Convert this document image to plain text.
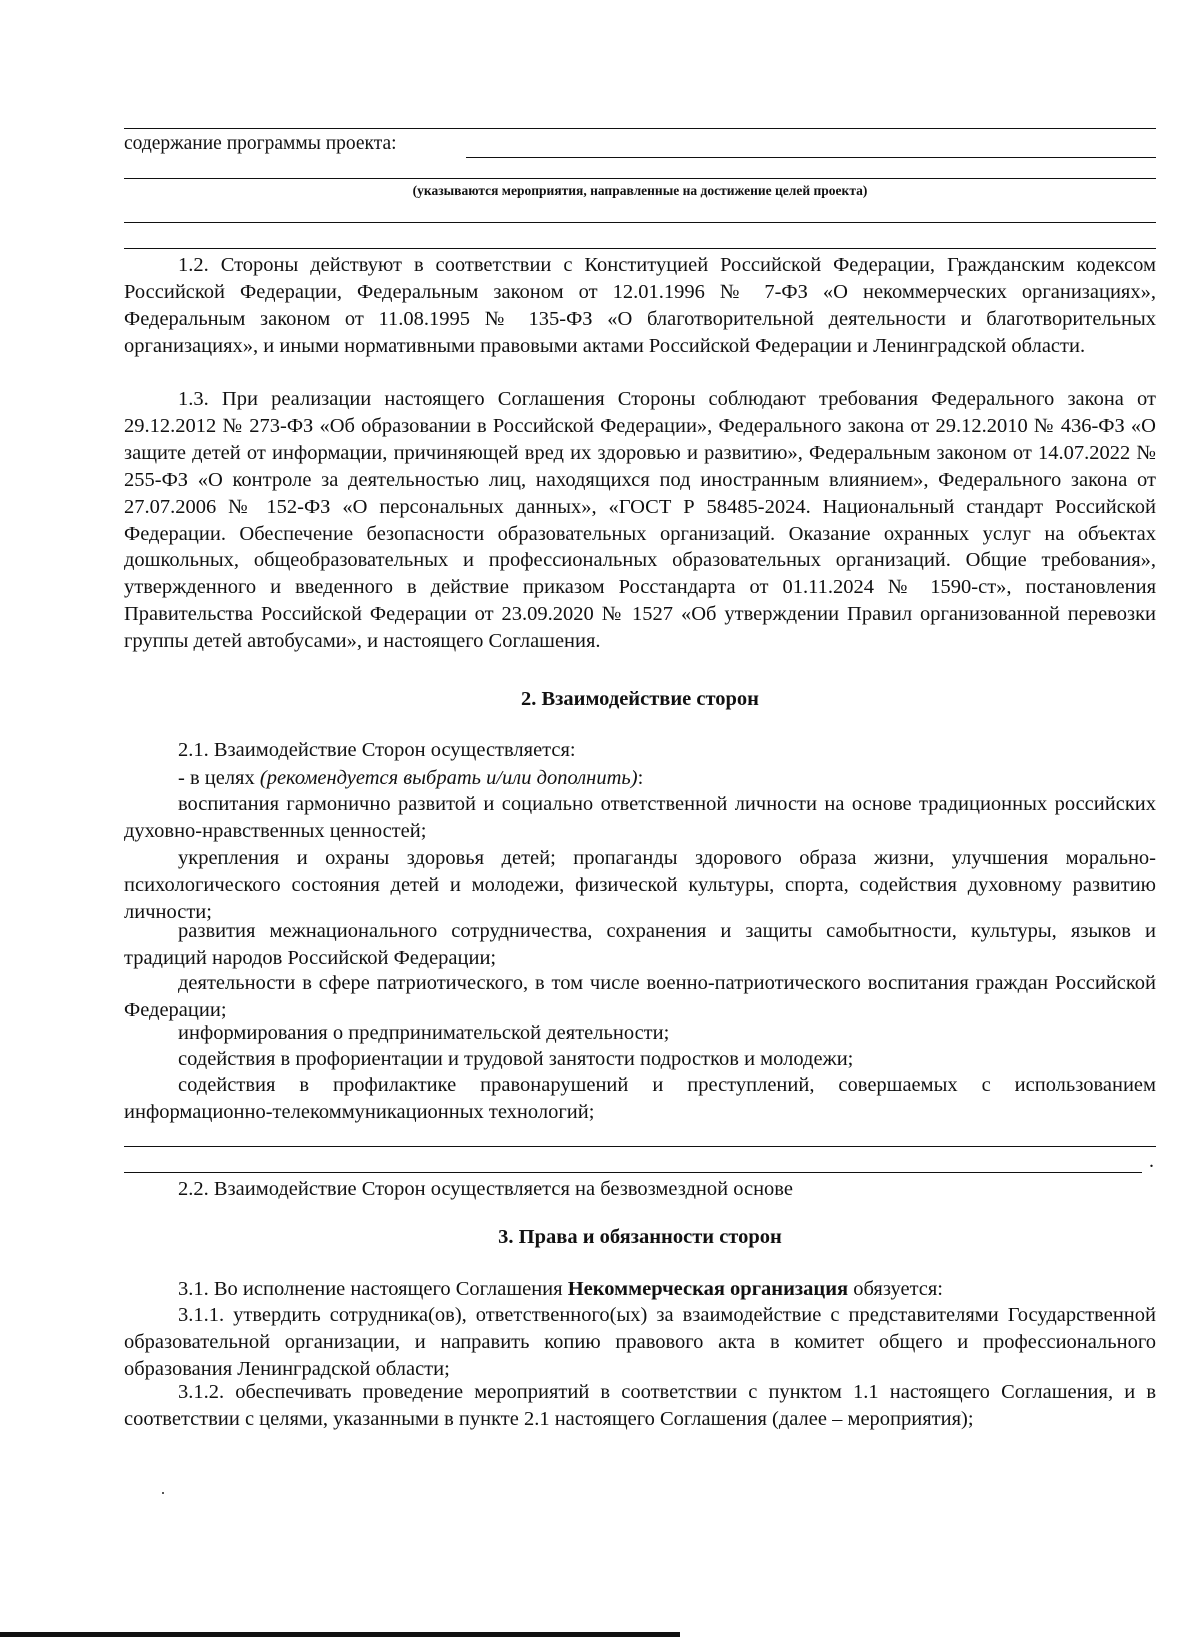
содержание программы проекта:
(указываются мероприятия, направленные на достижение целей проекта)
1.2. Стороны действуют в соответствии с Конституцией Российской Федерации, Гражданским кодексом Российской Федерации, Федеральным законом от 12.01.1996 № 7-ФЗ «О некоммерческих организациях», Федеральным законом от 11.08.1995 № 135-ФЗ «О благотворительной деятельности и благотворительных организациях», и иными нормативными правовыми актами Российской Федерации и Ленинградской области.
1.3. При реализации настоящего Соглашения Стороны соблюдают требования Федерального закона от 29.12.2012 № 273-ФЗ «Об образовании в Российской Федерации», Федерального закона от 29.12.2010 № 436-ФЗ «О защите детей от информации, причиняющей вред их здоровью и развитию», Федеральным законом от 14.07.2022 № 255-ФЗ «О контроле за деятельностью лиц, находящихся под иностранным влиянием», Федерального закона от 27.07.2006 № 152-ФЗ «О персональных данных», «ГОСТ Р 58485-2024. Национальный стандарт Российской Федерации. Обеспечение безопасности образовательных организаций. Оказание охранных услуг на объектах дошкольных, общеобразовательных и профессиональных образовательных организаций. Общие требования», утвержденного и введенного в действие приказом Росстандарта от 01.11.2024 № 1590-ст», постановления Правительства Российской Федерации от 23.09.2020 № 1527 «Об утверждении Правил организованной перевозки группы детей автобусами», и настоящего Соглашения.
2. Взаимодействие сторон
2.1. Взаимодействие Сторон осуществляется:
- в целях (рекомендуется выбрать и/или дополнить):
воспитания гармонично развитой и социально ответственной личности на основе традиционных российских духовно-нравственных ценностей;
укрепления и охраны здоровья детей; пропаганды здорового образа жизни, улучшения морально-психологического состояния детей и молодежи, физической культуры, спорта, содействия духовному развитию личности;
развития межнационального сотрудничества, сохранения и защиты самобытности, культуры, языков и традиций народов Российской Федерации;
деятельности в сфере патриотического, в том числе военно-патриотического воспитания граждан Российской Федерации;
информирования о предпринимательской деятельности;
содействия в профориентации и трудовой занятости подростков и молодежи;
содействия в профилактике правонарушений и преступлений, совершаемых с использованием информационно-телекоммуникационных технологий;
.
2.2. Взаимодействие Сторон осуществляется на безвозмездной основе
3. Права и обязанности сторон
3.1. Во исполнение настоящего Соглашения Некоммерческая организация обязуется:
3.1.1. утвердить сотрудника(ов), ответственного(ых) за взаимодействие с представителями Государственной образовательной организации, и направить копию правового акта в комитет общего и профессионального образования Ленинградской области;
3.1.2. обеспечивать проведение мероприятий в соответствии с пунктом 1.1 настоящего Соглашения, и в соответствии с целями, указанными в пункте 2.1 настоящего Соглашения (далее – мероприятия);
